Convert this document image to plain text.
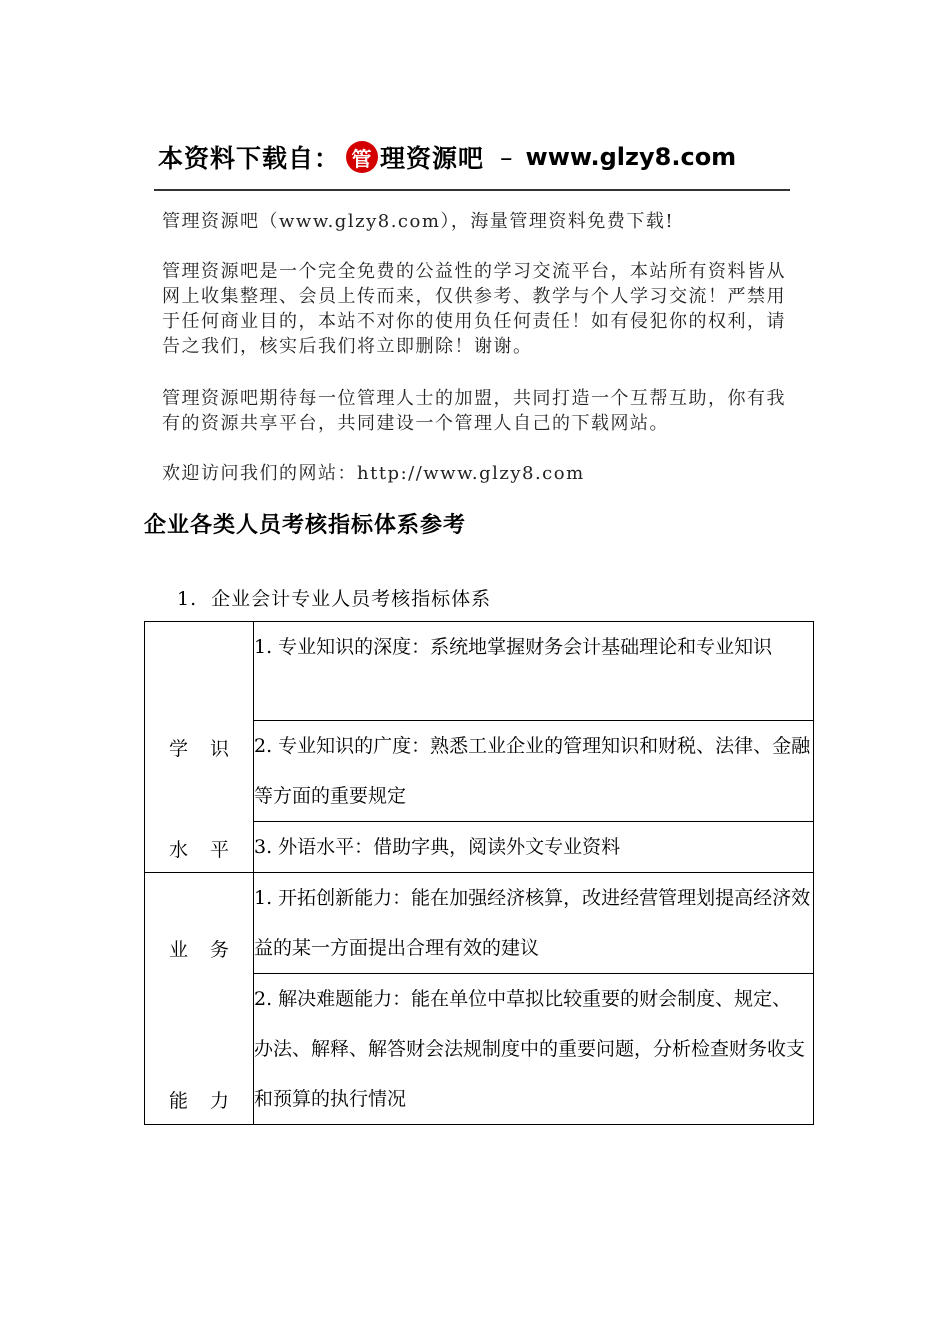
本资料下载自： 管 理资源吧 – www.glzy8.com

管理资源吧（www.glzy8.com），海量管理资料免费下载!

管理资源吧是一个完全免费的公益性的学习交流平台，本站所有资料皆从网上收集整理、会员上传而来，仅供参考、教学与个人学习交流！严禁用于任何商业目的，本站不对你的使用负任何责任！如有侵犯你的权利，请告之我们，核实后我们将立即删除！谢谢。

管理资源吧期待每一位管理人士的加盟，共同打造一个互帮互助，你有我有的资源共享平台，共同建设一个管理人自己的下载网站。

欢迎访问我们的网站：http://www.glzy8.com

企业各类人员考核指标体系参考
1. 企业会计专业人员考核指标体系
学识
水平	1. 专业知识的深度：系统地掌握财务会计基础理论和专业知识
	2. 专业知识的广度：熟悉工业企业的管理知识和财税、法律、金融等方面的重要规定
	3. 外语水平：借助字典，阅读外文专业资料

业务
能力	1. 开拓创新能力：能在加强经济核算，改进经营管理划提高经济效益的某一方面提出合理有效的建议
	2. 解决难题能力：能在单位中草拟比较重要的财会制度、规定、 办法、解释、解答财会法规制度中的重要问题，分析检查财务收支和预算的执行情况
